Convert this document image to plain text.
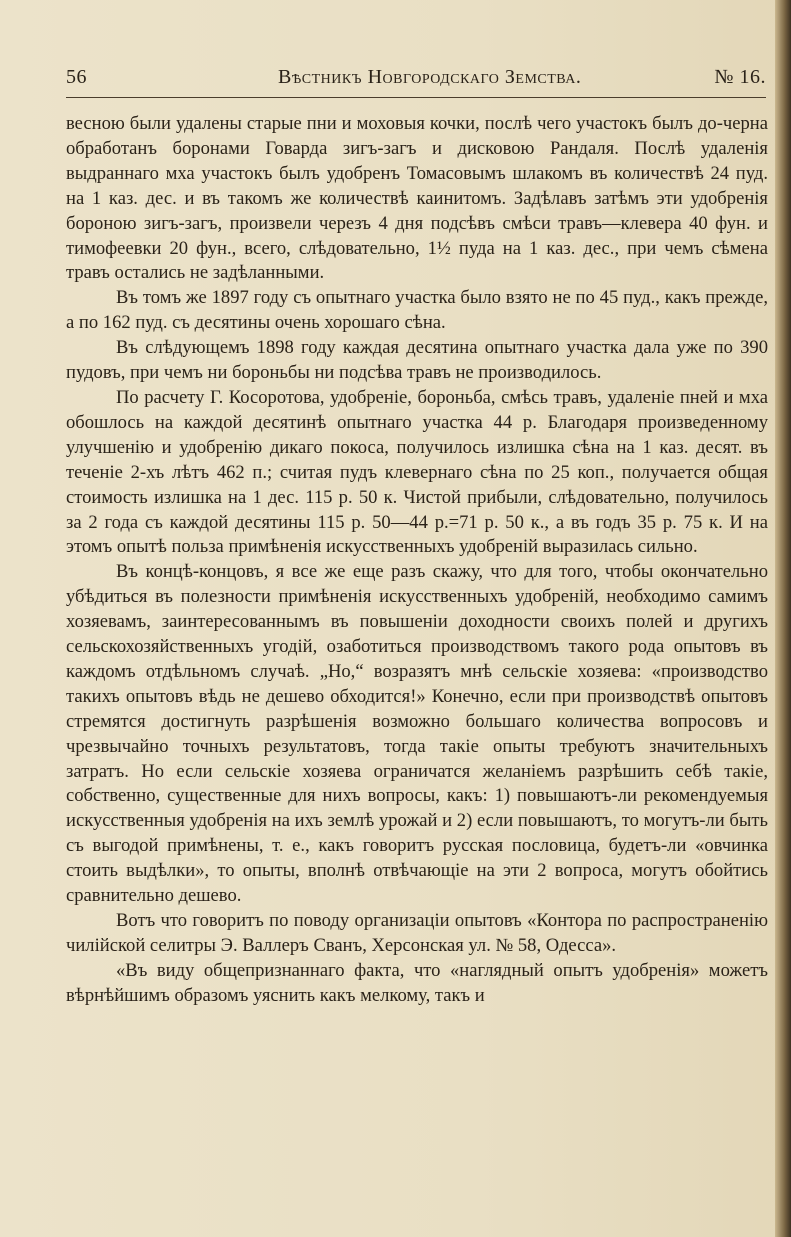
56	Вѣстникъ Новгородскаго Земства.	№ 16.

весною были удалены старые пни и моховыя кочки, послѣ чего участокъ былъ до-черна обработанъ боронами Говарда зигъ-загъ и дисковою Рандаля. Послѣ удаленія выдраннаго мха участокъ былъ удобренъ Томасовымъ шлакомъ въ количествѣ 24 пуд. на 1 каз. дес. и въ такомъ же количествѣ каинитомъ. Задѣлавъ затѣмъ эти удобренія бороною зигъ-загъ, произвели черезъ 4 дня подсѣвъ смѣси травъ—клевера 40 фун. и тимофеевки 20 фун., всего, слѣдовательно, 1½ пуда на 1 каз. дес., при чемъ сѣмена травъ остались не задѣланными.

Въ томъ же 1897 году съ опытнаго участка было взято не по 45 пуд., какъ прежде, а по 162 пуд. съ десятины очень хорошаго сѣна.

Въ слѣдующемъ 1898 году каждая десятина опытнаго участка дала уже по 390 пудовъ, при чемъ ни бороньбы ни подсѣва травъ не производилось.

По расчету Г. Косоротова, удобреніе, бороньба, смѣсь травъ, удаленіе пней и мха обошлось на каждой десятинѣ опытнаго участка 44 р. Благодаря произведенному улучшенію и удобренію дикаго покоса, получилось излишка сѣна на 1 каз. десят. въ теченіе 2-хъ лѣтъ 462 п.; считая пудъ клевернаго сѣна по 25 коп., получается общая стоимость излишка на 1 дес. 115 р. 50 к. Чистой прибыли, слѣдовательно, получилось за 2 года съ каждой десятины 115 р. 50—44 р.=71 р. 50 к., а въ годъ 35 р. 75 к. И на этомъ опытѣ польза примѣненія искусственныхъ удобреній выразилась сильно.

Въ концѣ-концовъ, я все же еще разъ скажу, что для того, чтобы окончательно убѣдиться въ полезности примѣненія искусственныхъ удобреній, необходимо самимъ хозяевамъ, заинтересованнымъ въ повышеніи доходности своихъ полей и другихъ сельскохозяйственныхъ угодій, озаботиться производствомъ такого рода опытовъ въ каждомъ отдѣльномъ случаѣ. „Но,“ возразятъ мнѣ сельскіе хозяева: «производство такихъ опытовъ вѣдь не дешево обходится!» Конечно, если при производствѣ опытовъ стремятся достигнуть разрѣшенія возможно большаго количества вопросовъ и чрезвычайно точныхъ результатовъ, тогда такіе опыты требуютъ значительныхъ затратъ. Но если сельскіе хозяева ограничатся желаніемъ разрѣшить себѣ такіе, собственно, существенные для нихъ вопросы, какъ: 1) повышаютъ-ли рекомендуемыя искусственныя удобренія на ихъ землѣ урожай и 2) если повышаютъ, то могутъ-ли быть съ выгодой примѣнены, т. е., какъ говоритъ русская пословица, будетъ-ли «овчинка стоить выдѣлки», то опыты, вполнѣ отвѣчающіе на эти 2 вопроса, могутъ обойтись сравнительно дешево.

Вотъ что говоритъ по поводу организаціи опытовъ «Контора по распространенію чилійской селитры Э. Валлеръ Сванъ, Херсонская ул. № 58, Одесса».

«Въ виду общепризнаннаго факта, что «наглядный опытъ удобренія» можетъ вѣрнѣйшимъ образомъ уяснить какъ мелкому, такъ и
